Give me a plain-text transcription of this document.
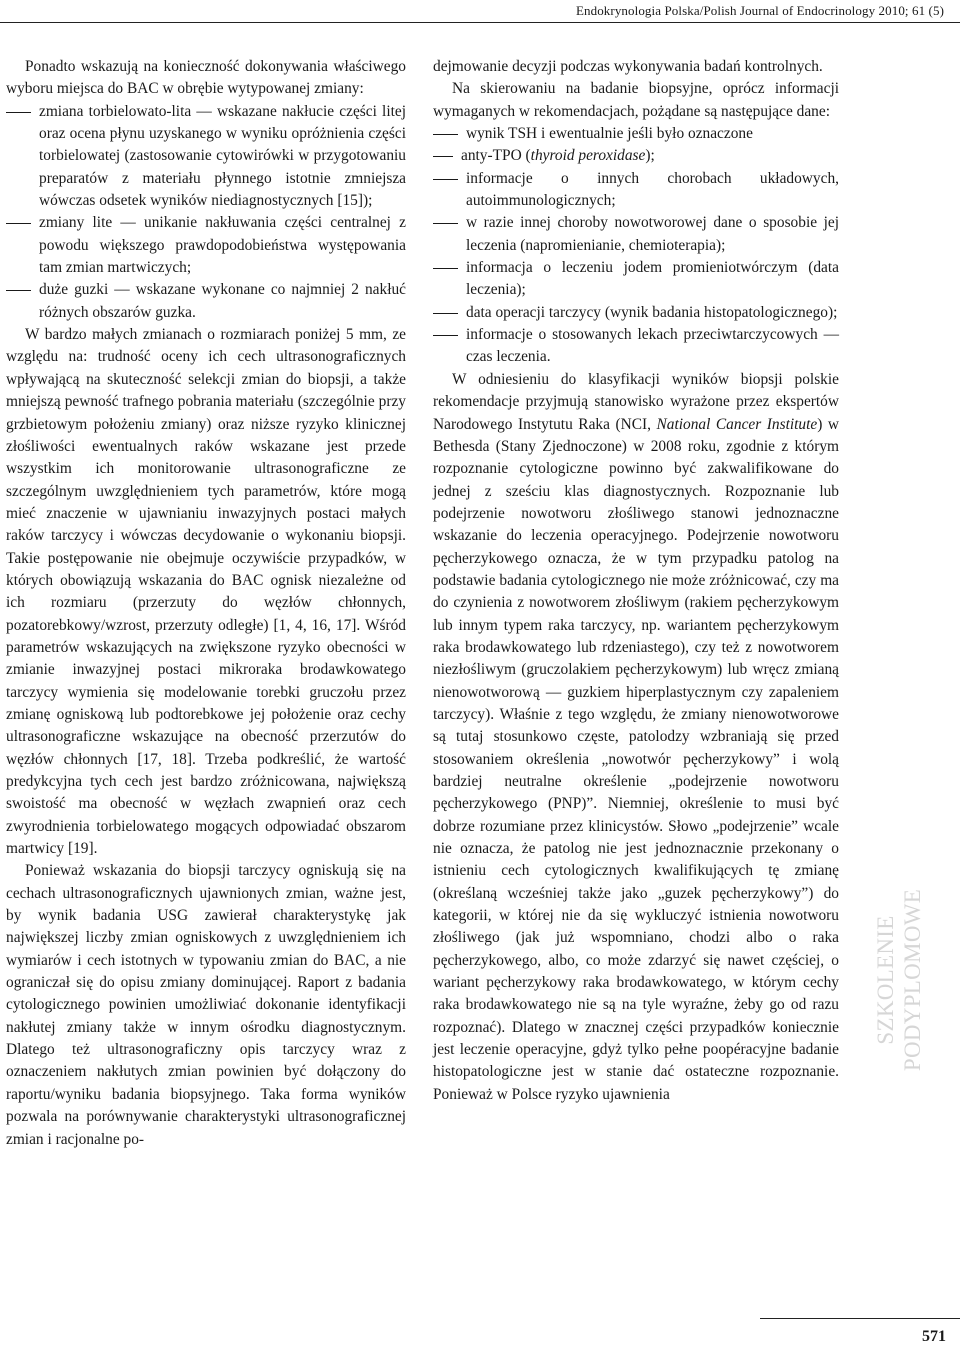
Endokrynologia Polska/Polish Journal of Endocrinology 2010; 61 (5)

Ponadto wskazują na konieczność dokonywania właściwego wyboru miejsca do BAC w obrębie wytypowanej zmiany:

zmiana torbielowato-lita — wskazane nakłucie części litej oraz ocena płynu uzyskanego w wyniku opróżnienia części torbielowatej (zastosowanie cytowirówki w przygotowaniu preparatów z materiału płynnego istotnie zmniejsza wówczas odsetek wyników niediagnostycznych [15]);
zmiany lite — unikanie nakłuwania części centralnej z powodu większego prawdopodobieństwa występowania tam zmian martwiczych;
duże guzki — wskazane wykonane co najmniej 2 nakłuć różnych obszarów guzka.

W bardzo małych zmianach o rozmiarach poniżej 5 mm, ze względu na: trudność oceny ich cech ultrasonograficznych wpływającą na skuteczność selekcji zmian do biopsji, a także mniejszą pewność trafnego pobrania materiału (szczególnie przy grzbietowym położeniu zmiany) oraz niższe ryzyko klinicznej złośliwości ewentualnych raków wskazane jest przede wszystkim ich monitorowanie ultrasonograficzne ze szczególnym uwzględnieniem tych parametrów, które mogą mieć znaczenie w ujawnianiu inwazyjnych postaci małych raków tarczycy i wówczas decydowanie o wykonaniu biopsji. Takie postępowanie nie obejmuje oczywiście przypadków, w których obowiązują wskazania do BAC ognisk niezależne od ich rozmiaru (przerzuty do węzłów chłonnych, pozatorebkowy/wzrost, przerzuty odległe) [1, 4, 16, 17]. Wśród parametrów wskazujących na zwiększone ryzyko obecności w zmianie inwazyjnej postaci mikroraka brodawkowatego tarczycy wymienia się modelowanie torebki gruczołu przez zmianę ogniskową lub podtorebkowe jej położenie oraz cechy ultrasonograficzne wskazujące na obecność przerzutów do węzłów chłonnych [17, 18]. Trzeba podkreślić, że wartość predykcyjna tych cech jest bardzo zróżnicowana, największą swoistość ma obecność w węzłach zwapnień oraz cech zwyrodnienia torbielowatego mogących odpowiadać obszarom martwicy [19].

Ponieważ wskazania do biopsji tarczycy ogniskują się na cechach ultrasonograficznych ujawnionych zmian, ważne jest, by wynik badania USG zawierał charakterystykę jak największej liczby zmian ogniskowych z uwzględnieniem ich wymiarów i cech istotnych w typowaniu zmian do BAC, a nie ograniczał się do opisu zmiany dominującej. Raport z badania cytologicznego powinien umożliwiać dokonanie identyfikacji nakłutej zmiany także w innym ośrodku diagnostycznym. Dlatego też ultrasonograficzny opis tarczycy wraz z oznaczeniem nakłutych zmian powinien być dołączony do raportu/wyniku badania biopsyjnego. Taka forma wyników pozwala na porównywanie charakterystyki ultrasonograficznej zmian i racjonalne po-

dejmowanie decyzji podczas wykonywania badań kontrolnych.

Na skierowaniu na badanie biopsyjne, oprócz informacji wymaganych w rekomendacjach, pożądane są następujące dane:

wynik TSH i ewentualnie jeśli było oznaczone
anty-TPO (thyroid peroxidase);
informacje o innych chorobach układowych, autoimmunologicznych;
w razie innej choroby nowotworowej dane o sposobie jej leczenia (napromienianie, chemioterapia);
informacja o leczeniu jodem promieniotwórczym (data leczenia);
data operacji tarczycy (wynik badania histopatologicznego);
informacje o stosowanych lekach przeciwtarczycowych — czas leczenia.

W odniesieniu do klasyfikacji wyników biopsji polskie rekomendacje przyjmują stanowisko wyrażone przez ekspertów Narodowego Instytutu Raka (NCI, National Cancer Institute) w Bethesda (Stany Zjednoczone) w 2008 roku, zgodnie z którym rozpoznanie cytologiczne powinno być zakwalifikowane do jednej z sześciu klas diagnostycznych. Rozpoznanie lub podejrzenie nowotworu złośliwego stanowi jednoznaczne wskazanie do leczenia operacyjnego. Podejrzenie nowotworu pęcherzykowego oznacza, że w tym przypadku patolog na podstawie badania cytologicznego nie może zróżnicować, czy ma do czynienia z nowotworem złośliwym (rakiem pęcherzykowym lub innym typem raka tarczycy, np. wariantem pęcherzykowym raka brodawkowatego lub rdzeniastego), czy też z nowotworem niezłośliwym (gruczolakiem pęcherzykowym) lub wręcz zmianą nienowotworową — guzkiem hiperplastycznym czy zapaleniem tarczycy). Właśnie z tego względu, że zmiany nienowotworowe są tutaj stosunkowo częste, patolodzy wzbraniają się przed stosowaniem określenia „nowotwór pęcherzykowy” i wolą bardziej neutralne określenie „podejrzenie nowotworu pęcherzykowego (PNP)”. Niemniej, określenie to musi być dobrze rozumiane przez klinicystów. Słowo „podejrzenie” wcale nie oznacza, że patolog nie jest jednoznacznie przekonany o istnieniu cech cytologicznych kwalifikujących tę zmianę (określaną wcześniej także jako „guzek pęcherzykowy”) do kategorii, w której nie da się wykluczyć istnienia nowotworu złośliwego (jak już wspomniano, chodzi albo o raka pęcherzykowego, albo, co może zdarzyć się nawet częściej, o wariant pęcherzykowy raka brodawkowatego, w którym cechy raka brodawkowatego nie są na tyle wyraźne, żeby go od razu rozpoznać). Dlatego w znacznej części przypadków koniecznie jest leczenie operacyjne, gdyż tylko pełne poopéracyjne badanie histopatologiczne jest w stanie dać ostateczne rozpoznanie. Ponieważ w Polsce ryzyko ujawnienia

SZKOLENIE PODYPLOMOWE
571
